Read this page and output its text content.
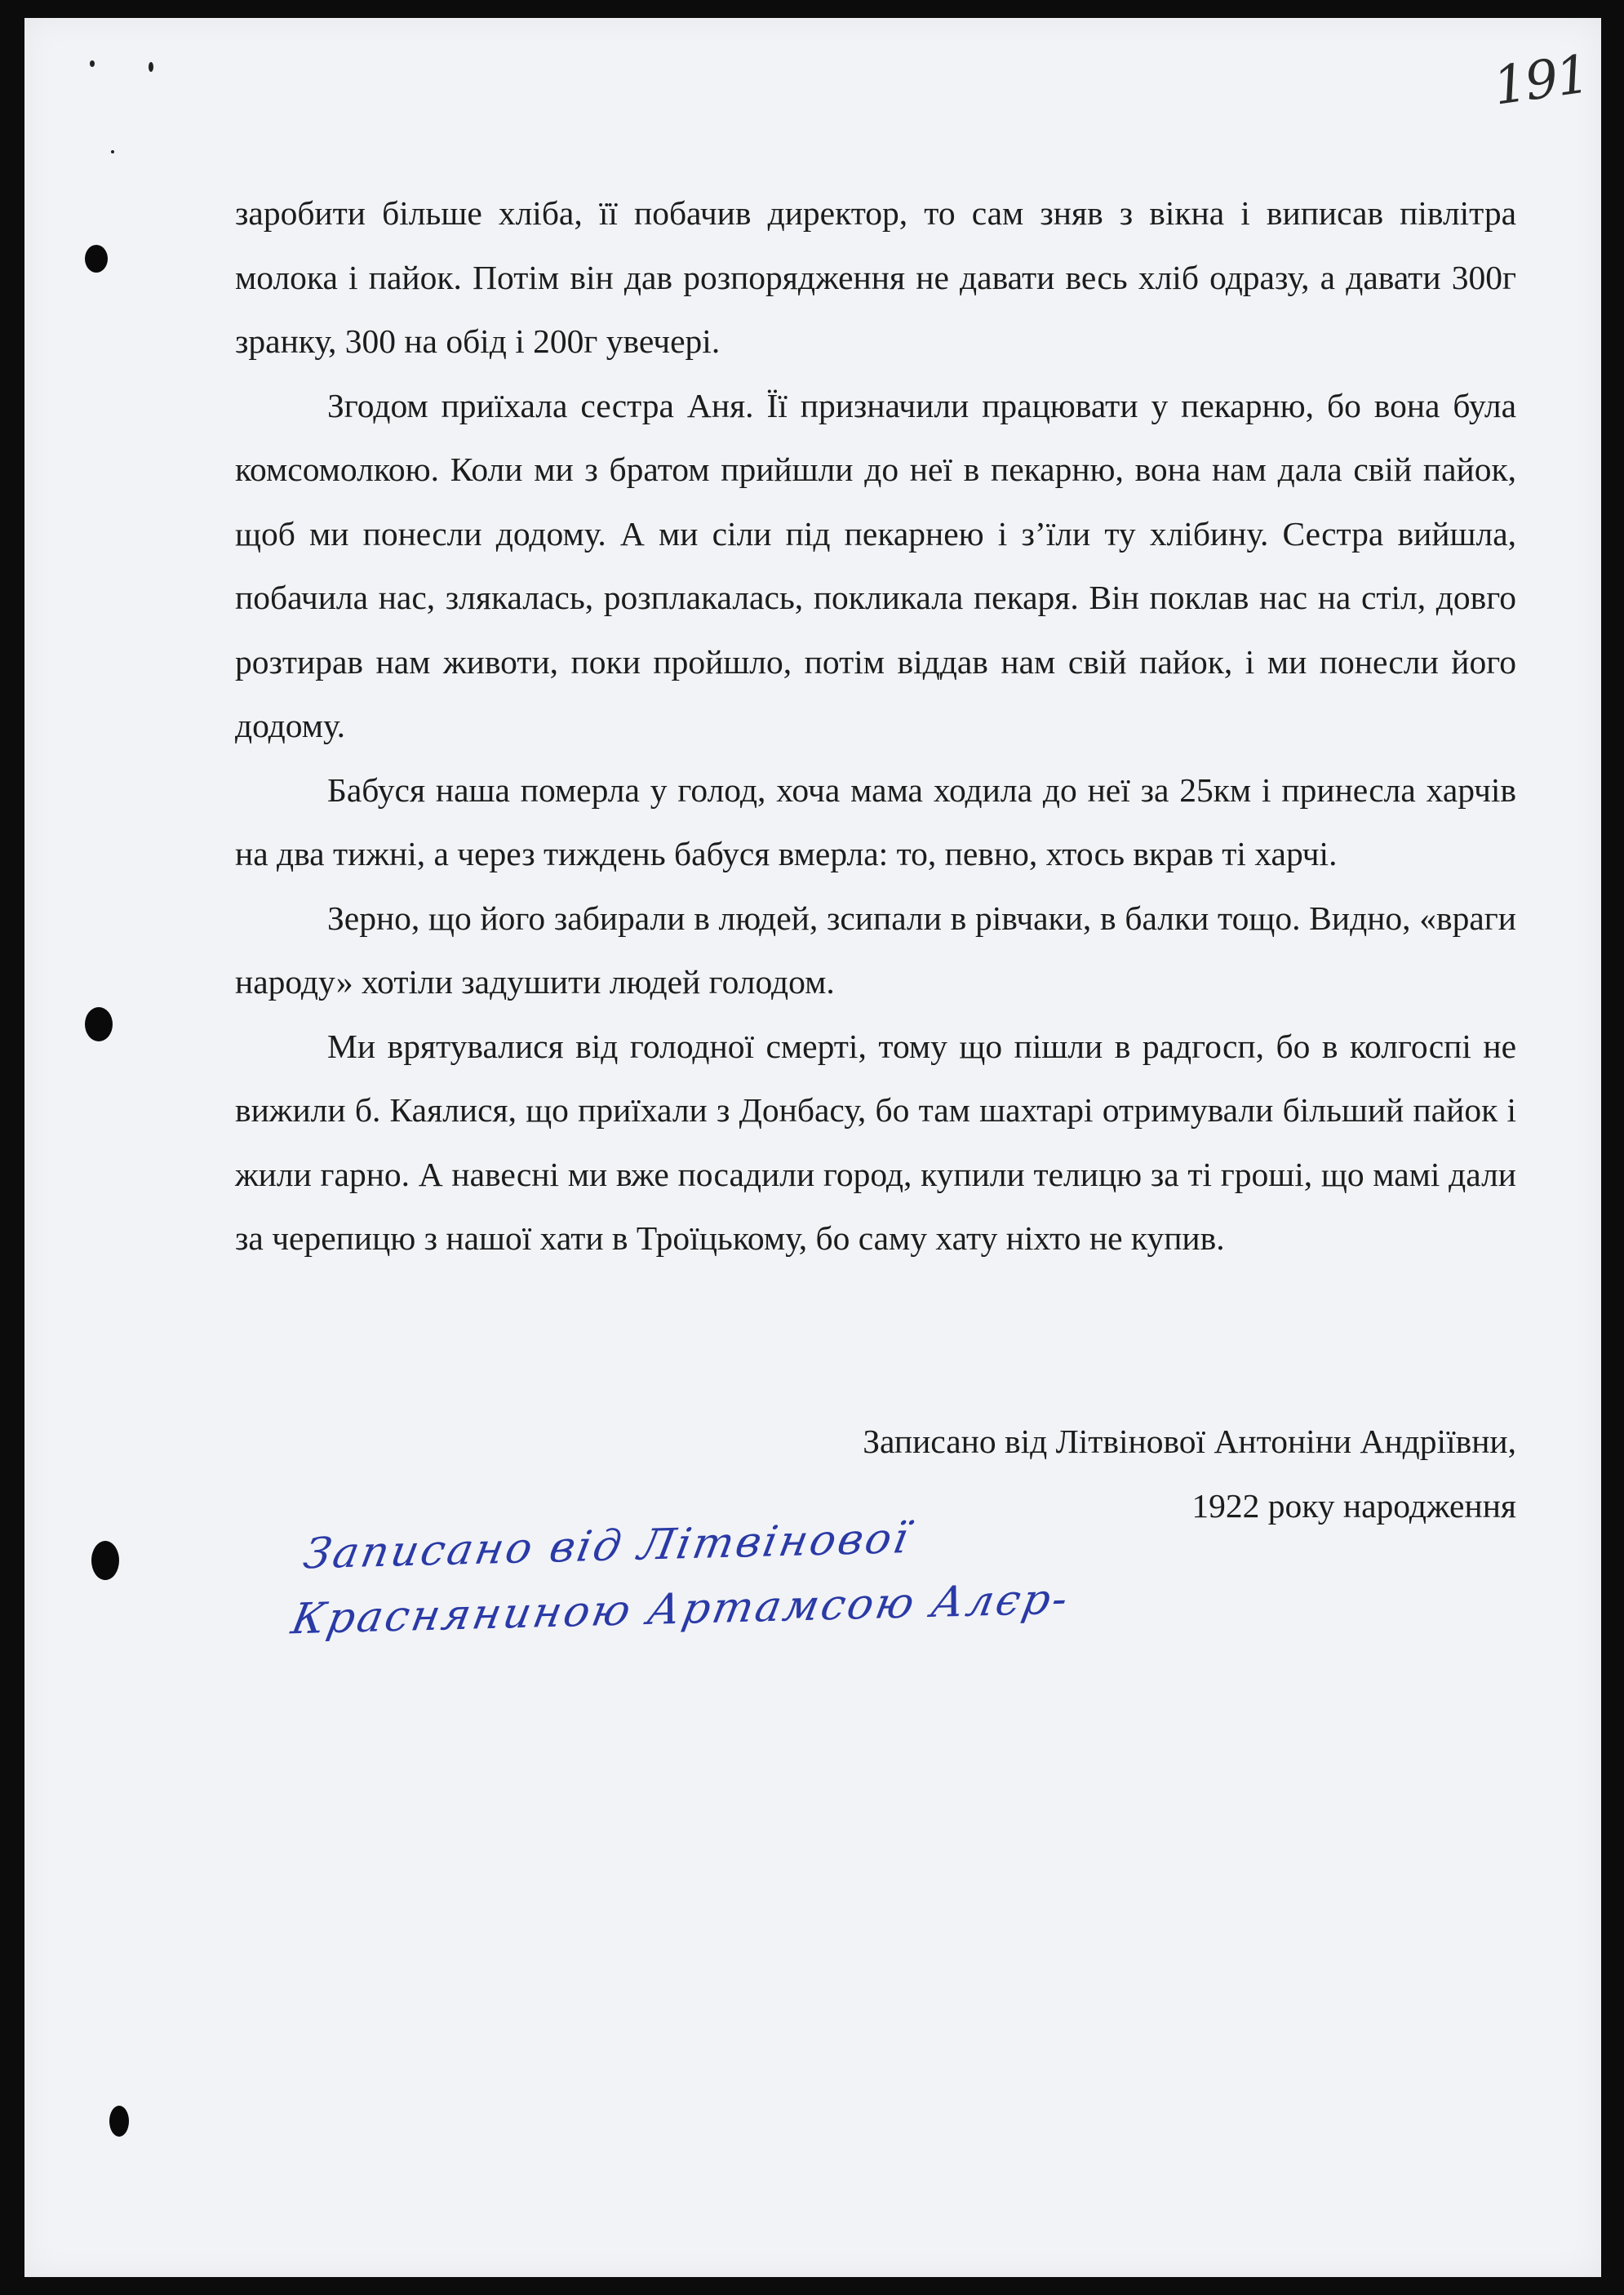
191

заробити більше хліба, її побачив директор, то сам зняв з вікна і виписав півлітра молока і пайок. Потім він дав розпорядження не давати весь хліб одразу, а давати 300г зранку, 300 на обід і 200г увечері.

Згодом приїхала сестра Аня. Її призначили працювати у пекарню, бо вона була комсомолкою. Коли ми з братом прийшли до неї в пекарню, вона нам дала свій пайок, щоб ми понесли додому. А ми сіли під пекарнею і з’їли ту хлібину. Сестра вийшла, побачила нас, злякалась, розплакалась, покликала пекаря. Він поклав нас на стіл, довго розтирав нам животи, поки пройшло, потім віддав нам свій пайок, і ми понесли його додому.

Бабуся наша померла у голод, хоча мама ходила до неї за 25км і принесла харчів на два тижні, а через тиждень бабуся вмерла: то, певно, хтось вкрав ті харчі.

Зерно, що його забирали в людей, зсипали в рівчаки, в балки тощо. Видно, «враги народу» хотіли задушити людей голодом.

Ми врятувалися від голодної смерті, тому що пішли в радгосп, бо в колгоспі не вижили б. Каялися, що приїхали з Донбасу, бо там шахтарі отримували більший пайок і жили гарно. А навесні ми вже посадили город, купили телицю за ті гроші, що мамі дали за черепицю з нашої хати в Троїцькому, бо саму хату ніхто не купив.

Записано від Літвінової Антоніни Андріївни,
1922 року народження
Записано від Літвінової
Красняниною Артамсою Алєр-
